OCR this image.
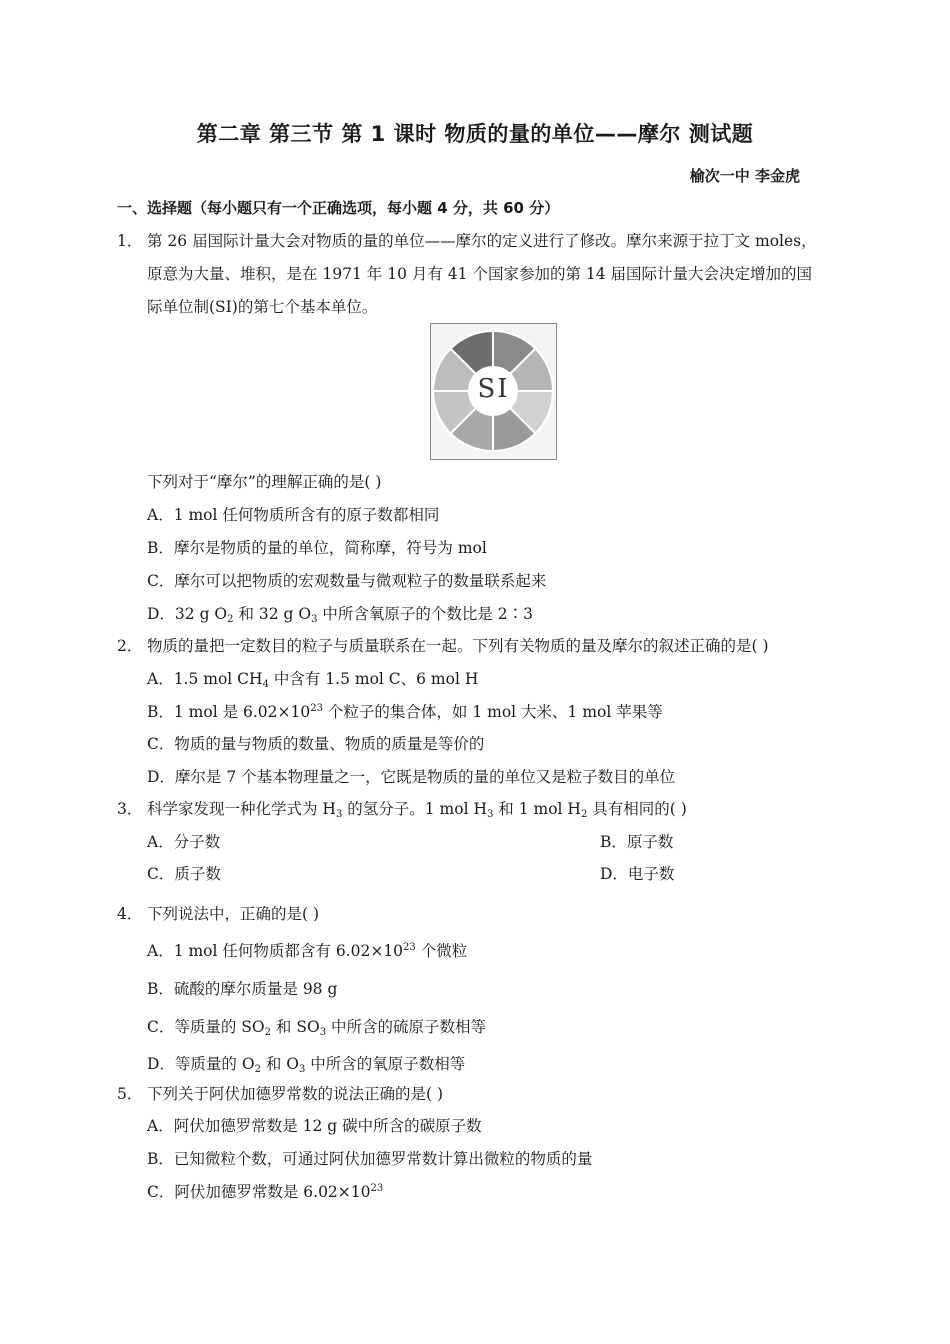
第二章 第三节 第 1 课时 物质的量的单位——摩尔 测试题
榆次一中 李金虎
一、选择题（每小题只有一个正确选项，每小题 4 分，共 60 分）
1． 第 26 届国际计量大会对物质的量的单位——摩尔的定义进行了修改。摩尔来源于拉丁文 moles，
原意为大量、堆积，是在 1971 年 10 月有 41 个国家参加的第 14 届国际计量大会决定增加的国
际单位制(SI)的第七个基本单位。
SI
下列对于“摩尔”的理解正确的是( )
A．1 mol 任何物质所含有的原子数都相同
B．摩尔是物质的量的单位，简称摩，符号为 mol
C．摩尔可以把物质的宏观数量与微观粒子的数量联系起来
D．32 g $O_2$ 和 32 g $O_3$ 中所含氧原子的个数比是 2∶3
2． 物质的量把一定数目的粒子与质量联系在一起。下列有关物质的量及摩尔的叙述正确的是( )
A．1.5 mol $CH_4$ 中含有 1.5 mol C、6 mol H
B．1 mol 是 $6.02\times 10^{23}$ 个粒子的集合体，如 1 mol 大米、1 mol 苹果等
C．物质的量与物质的数量、物质的质量是等价的
D．摩尔是 7 个基本物理量之一，它既是物质的量的单位又是粒子数目的单位
3． 科学家发现一种化学式为 $H_3$ 的氢分子。1 mol $H_3$ 和 1 mol $H_2$ 具有相同的( )
A．分子数	B．原子数
C．质子数	D．电子数
4． 下列说法中，正确的是( )
A．1 mol 任何物质都含有 $6.02\times 10^{23}$ 个微粒
B．硫酸的摩尔质量是 98 g
C．等质量的 $SO_2$ 和 $SO_3$ 中所含的硫原子数相等
D．等质量的 $O_2$ 和 $O_3$ 中所含的氧原子数相等
5． 下列关于阿伏加德罗常数的说法正确的是( )
A．阿伏加德罗常数是 12 g 碳中所含的碳原子数
B．已知微粒个数，可通过阿伏加德罗常数计算出微粒的物质的量
C．阿伏加德罗常数是 $6.02\times 10^{23}$
